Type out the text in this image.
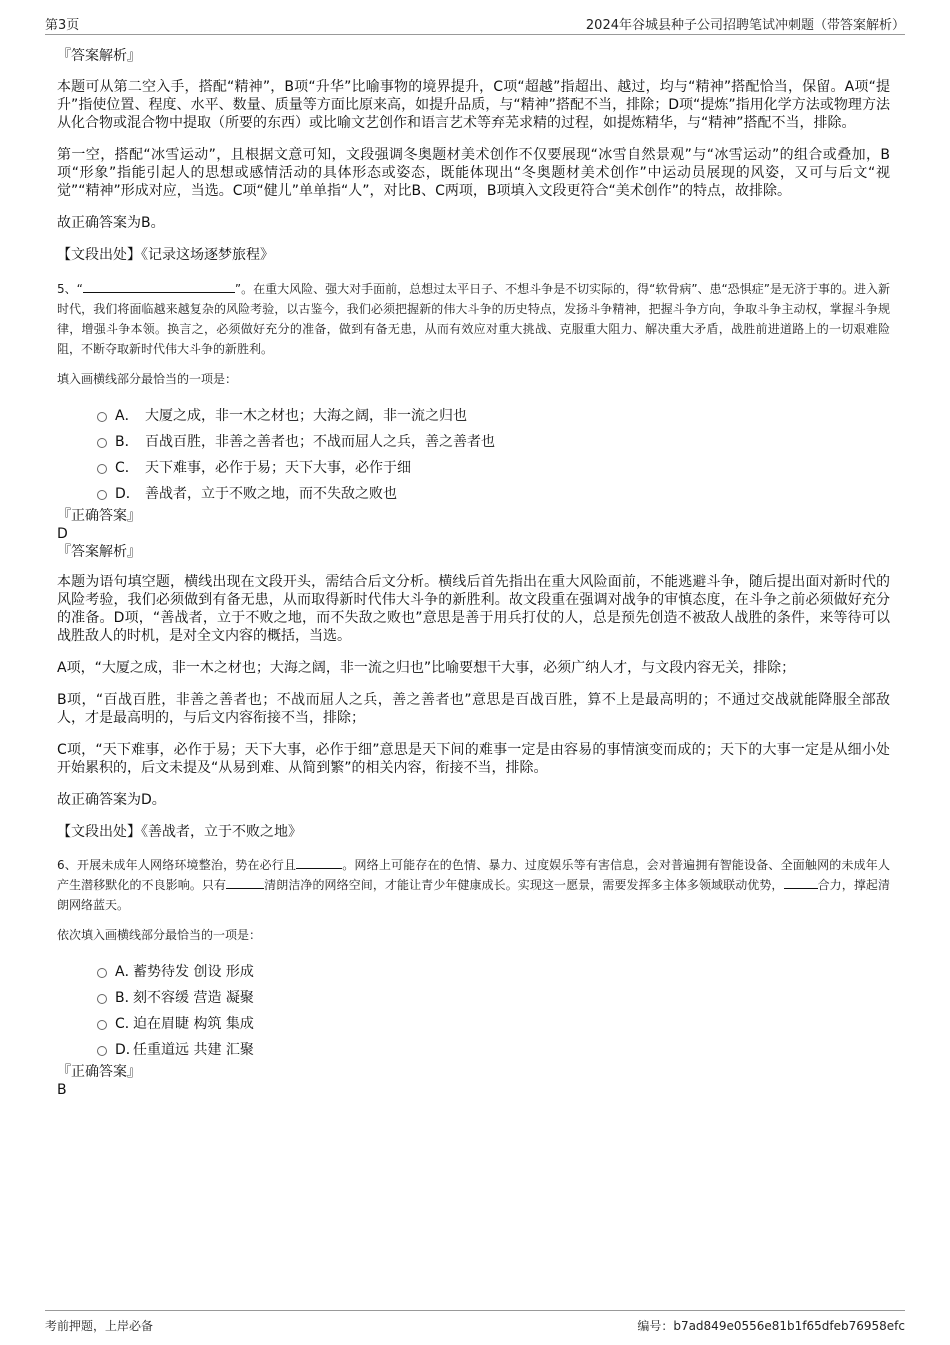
第3页	2024年谷城县种子公司招聘笔试冲刺题（带答案解析）

『答案解析』

本题可从第二空入手，搭配“精神”，B项“升华”比喻事物的境界提升，C项“超越”指超出、越过，均与“精神”搭配恰当，保留。A项“提升”指使位置、程度、水平、数量、质量等方面比原来高，如提升品质，与“精神”搭配不当，排除；D项“提炼”指用化学方法或物理方法从化合物或混合物中提取（所要的东西）或比喻文艺创作和语言艺术等弃芜求精的过程，如提炼精华，与“精神”搭配不当，排除。

第一空，搭配“冰雪运动”，且根据文意可知，文段强调冬奥题材美术创作不仅要展现“冰雪自然景观”与“冰雪运动”的组合或叠加，B项“形象”指能引起人的思想或感情活动的具体形态或姿态，既能体现出“冬奥题材美术创作”中运动员展现的风姿，又可与后文“视觉”“精神”形成对应，当选。C项“健儿”单单指“人”，对比B、C两项，B项填入文段更符合“美术创作”的特点，故排除。

故正确答案为B。

【文段出处】《记录这场逐梦旅程》

5、“	”。在重大风险、强大对手面前，总想过太平日子、不想斗争是不切实际的，得“软骨病”、患“恐惧症”是无济于事的。进入新时代，我们将面临越来越复杂的风险考验，以古鉴今，我们必须把握新的伟大斗争的历史特点，发扬斗争精神，把握斗争方向，争取斗争主动权，掌握斗争规律，增强斗争本领。换言之，必须做好充分的准备，做到有备无患，从而有效应对重大挑战、克服重大阻力、解决重大矛盾，战胜前进道路上的一切艰难险阻，不断夺取新时代伟大斗争的新胜利。

填入画横线部分最恰当的一项是：

A． 大厦之成，非一木之材也；大海之阔，非一流之归也
B． 百战百胜，非善之善者也；不战而屈人之兵，善之善者也
C． 天下难事，必作于易；天下大事，必作于细
D． 善战者，立于不败之地，而不失敌之败也

『正确答案』

D

『答案解析』

本题为语句填空题，横线出现在文段开头，需结合后文分析。横线后首先指出在重大风险面前，不能逃避斗争，随后提出面对新时代的风险考验，我们必须做到有备无患，从而取得新时代伟大斗争的新胜利。故文段重在强调对战争的审慎态度，在斗争之前必须做好充分的准备。D项，“善战者，立于不败之地，而不失敌之败也”意思是善于用兵打仗的人，总是预先创造不被敌人战胜的条件，来等待可以战胜敌人的时机，是对全文内容的概括，当选。

A项，“大厦之成，非一木之材也；大海之阔，非一流之归也”比喻要想干大事，必须广纳人才，与文段内容无关，排除；

B项，“百战百胜，非善之善者也；不战而屈人之兵，善之善者也”意思是百战百胜，算不上是最高明的；不通过交战就能降服全部敌人，才是最高明的，与后文内容衔接不当，排除；

C项，“天下难事，必作于易；天下大事，必作于细”意思是天下间的难事一定是由容易的事情演变而成的；天下的大事一定是从细小处开始累积的，后文未提及“从易到难、从简到繁”的相关内容，衔接不当，排除。

故正确答案为D。

【文段出处】《善战者，立于不败之地》

6、开展未成年人网络环境整治，势在必行且	。网络上可能存在的色情、暴力、过度娱乐等有害信息，会对普遍拥有智能设备、全面触网的未成年人产生潜移默化的不良影响。只有	清朗洁净的网络空间，才能让青少年健康成长。实现这一愿景，需要发挥多主体多领域联动优势，	合力，撑起清朗网络蓝天。

依次填入画横线部分最恰当的一项是：

A．蓄势待发 创设 形成
B．刻不容缓 营造 凝聚
C．迫在眉睫 构筑 集成
D．任重道远 共建 汇聚

『正确答案』

B

考前押题，上岸必备	编号：b7ad849e0556e81b1f65dfeb76958efc
